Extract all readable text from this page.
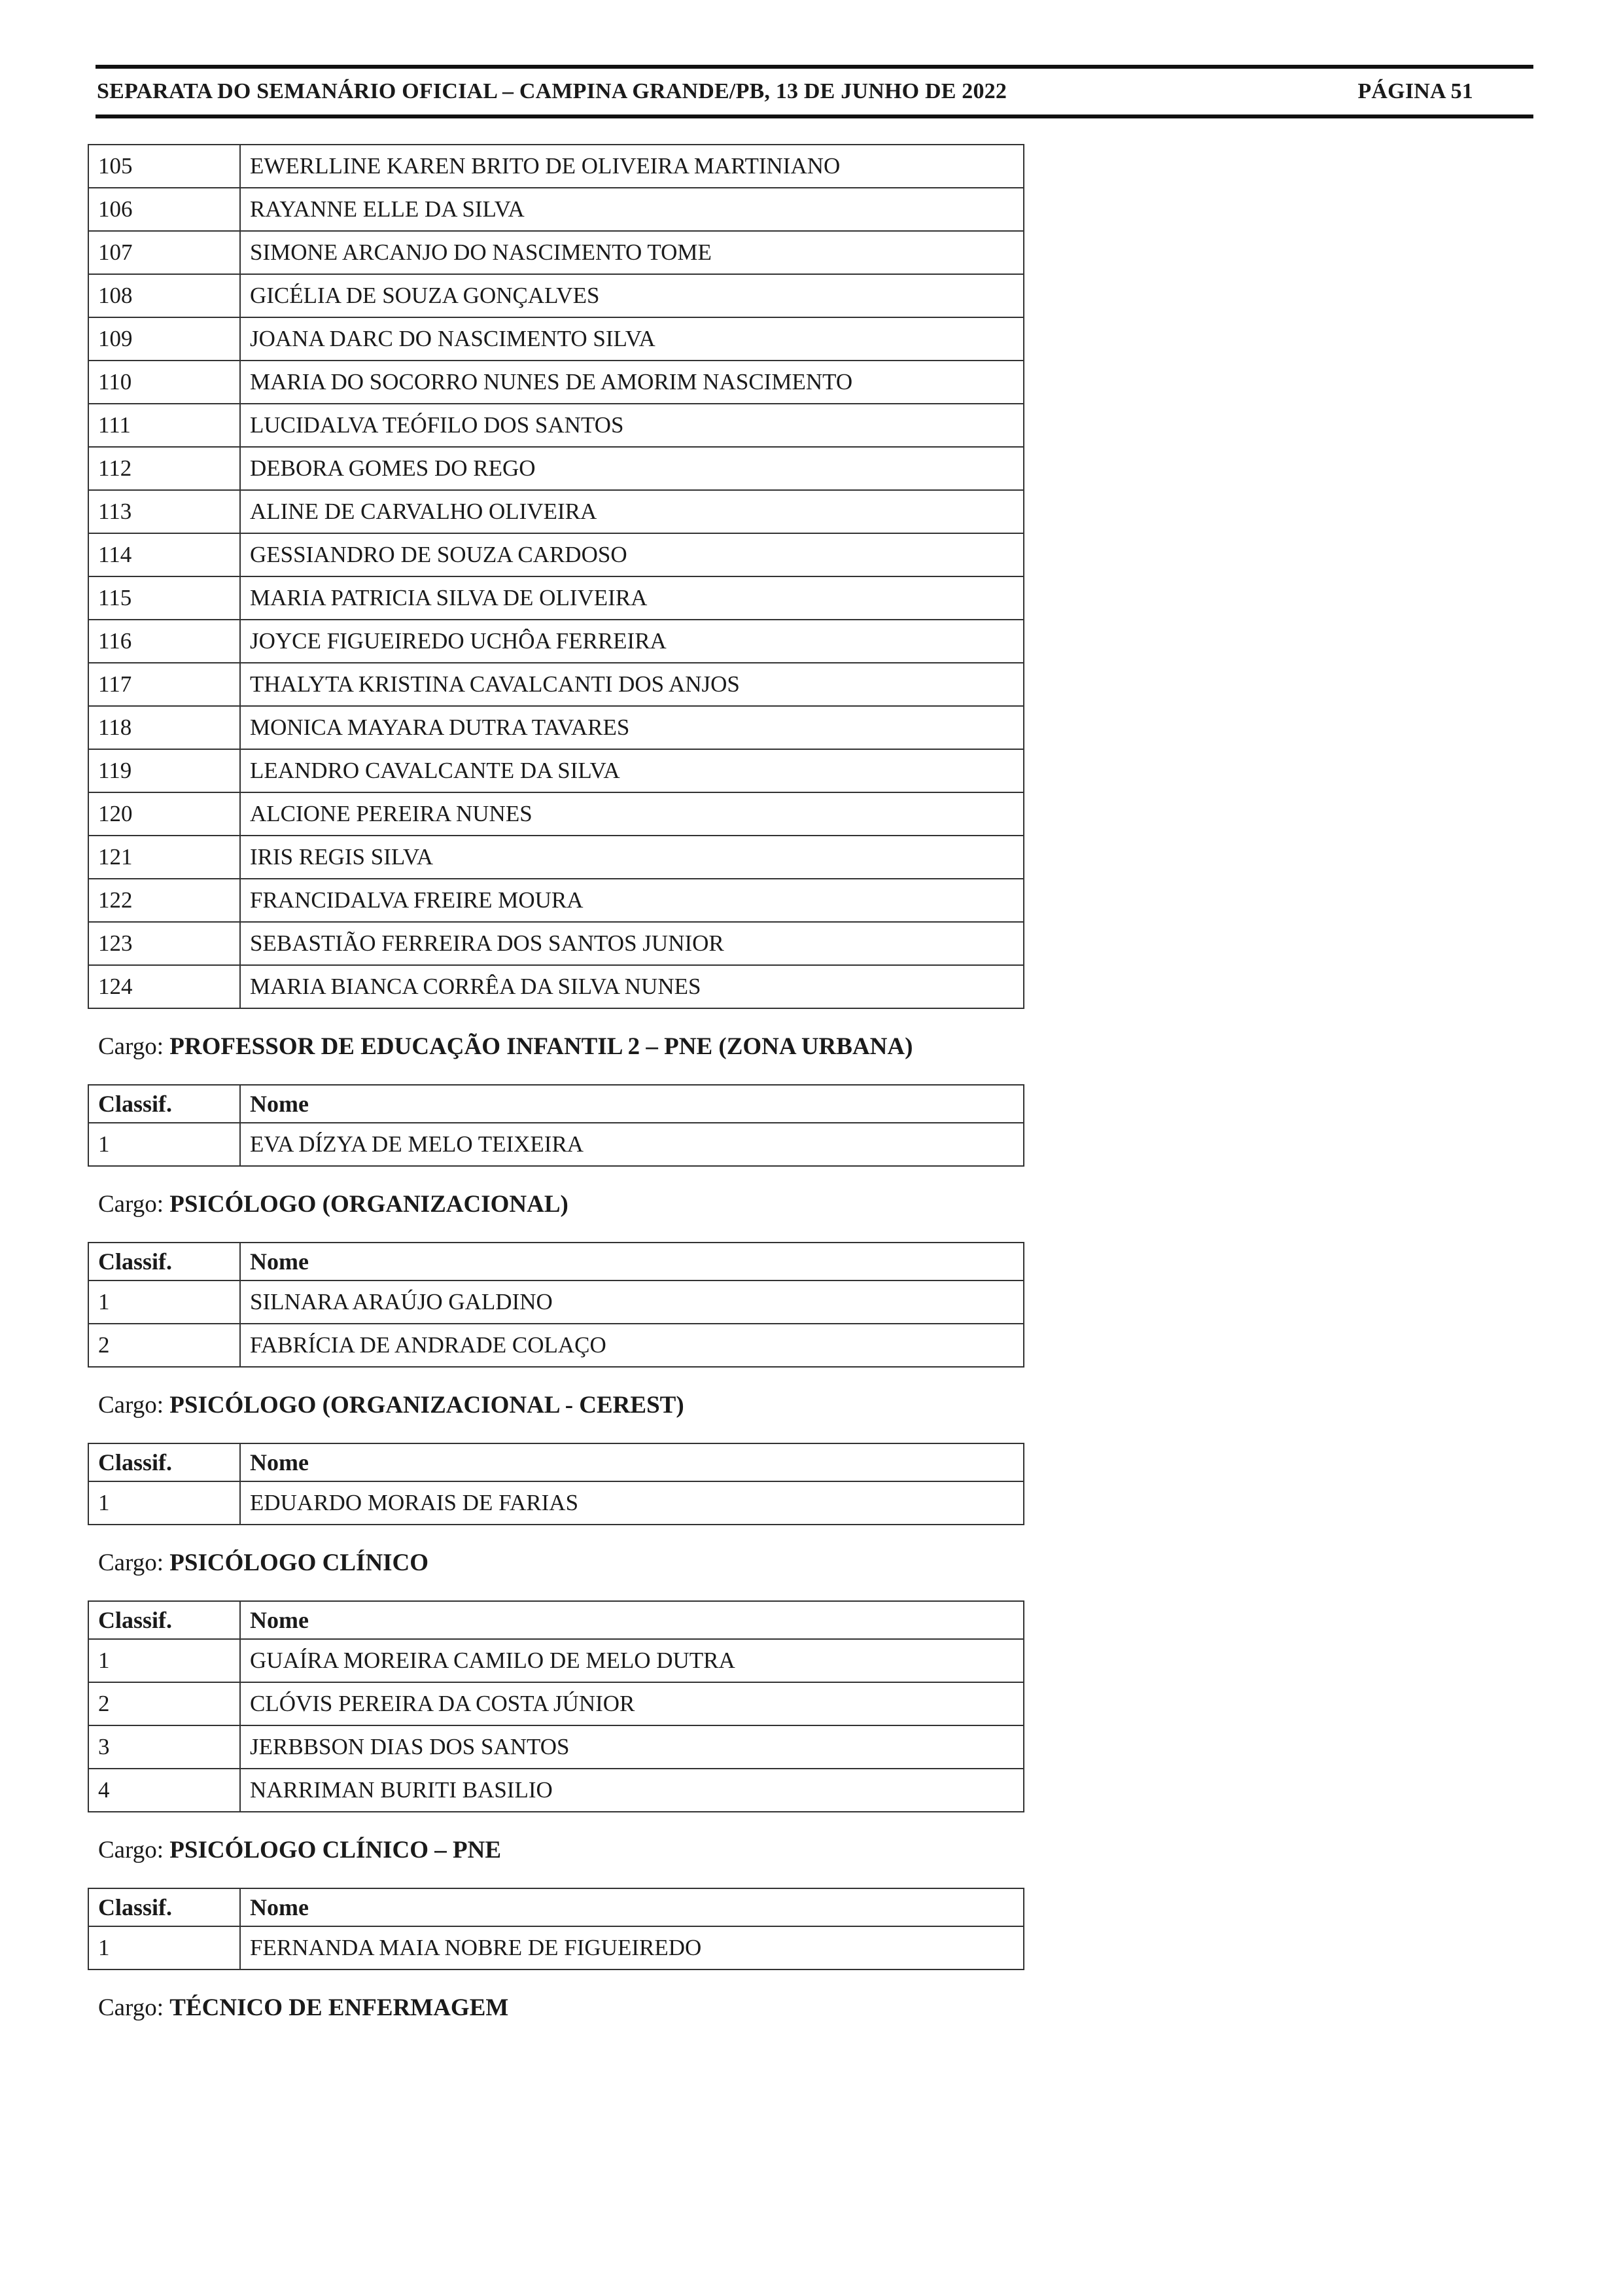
SEPARATA DO SEMANÁRIO OFICIAL – CAMPINA GRANDE/PB, 13 DE JUNHO DE 2022	PÁGINA 51
105	EWERLLINE KAREN BRITO DE OLIVEIRA MARTINIANO
106	RAYANNE ELLE DA SILVA
107	SIMONE ARCANJO DO NASCIMENTO TOME
108	GICÉLIA DE SOUZA GONÇALVES
109	JOANA DARC DO NASCIMENTO SILVA
110	MARIA DO SOCORRO NUNES DE AMORIM NASCIMENTO
111	LUCIDALVA TEÓFILO DOS SANTOS
112	DEBORA GOMES DO REGO
113	ALINE DE CARVALHO OLIVEIRA
114	GESSIANDRO DE SOUZA CARDOSO
115	MARIA PATRICIA SILVA DE OLIVEIRA
116	JOYCE FIGUEIREDO UCHÔA FERREIRA
117	THALYTA KRISTINA CAVALCANTI DOS ANJOS
118	MONICA MAYARA DUTRA TAVARES
119	LEANDRO CAVALCANTE DA SILVA
120	ALCIONE PEREIRA NUNES
121	IRIS REGIS SILVA
122	FRANCIDALVA FREIRE MOURA
123	SEBASTIÃO FERREIRA DOS SANTOS JUNIOR
124	MARIA BIANCA CORRÊA DA SILVA NUNES
Cargo: PROFESSOR DE EDUCAÇÃO INFANTIL 2 – PNE (ZONA URBANA)
Classif.	Nome
1	EVA DÍZYA DE MELO TEIXEIRA
Cargo: PSICÓLOGO (ORGANIZACIONAL)
Classif.	Nome
1	SILNARA ARAÚJO GALDINO
2	FABRÍCIA DE ANDRADE COLAÇO
Cargo: PSICÓLOGO (ORGANIZACIONAL - CEREST)
Classif.	Nome
1	EDUARDO MORAIS DE FARIAS
Cargo: PSICÓLOGO CLÍNICO
Classif.	Nome
1	GUAÍRA MOREIRA CAMILO DE MELO DUTRA
2	CLÓVIS PEREIRA DA COSTA JÚNIOR
3	JERBBSON DIAS DOS SANTOS
4	NARRIMAN BURITI BASILIO
Cargo: PSICÓLOGO CLÍNICO – PNE
Classif.	Nome
1	FERNANDA MAIA NOBRE DE FIGUEIREDO
Cargo: TÉCNICO DE ENFERMAGEM
